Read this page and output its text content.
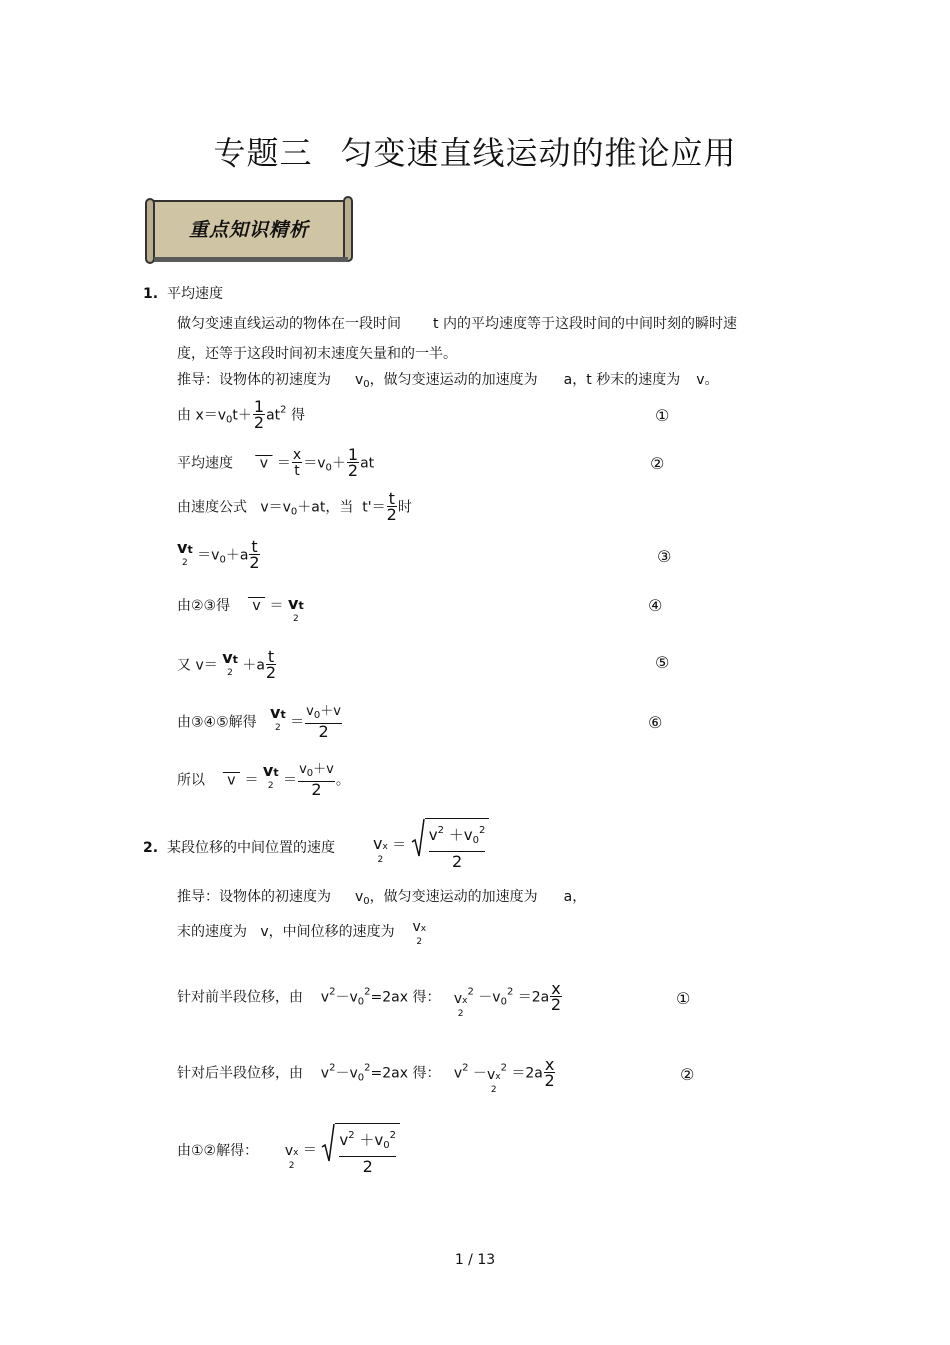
专题三 匀变速直线运动的推论应用
重点知识精析
1. 平均速度
做匀变速直线运动的物体在一段时间 t 内的平均速度等于这段时间的中间时刻的瞬时速
度，还等于这段时间初末速度矢量和的一半。
推导：设物体的初速度为 $v_0$，做匀变速运动的加速度为 a，t 秒末的速度为 v。
由 $x=v_0t+ \frac{1}{2} at^2$ 得	①
平均速度      $v = \frac{x}{t} =v_0+ \frac{1}{2}$ at	②
由速度公式   $v=v_0+at$，当  $t'= \frac{t}{2}$ 时
vt
$2 =v_0+a \frac{t}{2}$	③
由②③得     v  ＝ vt
2
④
又 v＝ vt
$2 +a \frac{t}{2}$	⑤
由③④⑤解得
vt
$2 = \frac{v_0+v}{2}$	⑥
所以     v  ＝
vt
$2 = \frac{v_0+v}{2}$ 。
2. 某段位移的中间位置的速度 vx
2
＝ $\frac{v^2 +v_0^2}{2}$
推导：设物体的初速度为 $v_0$，做匀变速运动的加速度为 a，
末的速度为 v，中间位移的速度为 vx
2
针对前半段位移，由    $v^2-v_0^2=2ax$ 得： vx
2
$^2 -v_0^2 =2a \frac{x}{2}$	①
针对后半段位移，由    $v^2-v_0^2=2ax$ 得：   $v^2$ － vx
2
$^2 =2a \frac{x}{2}$	②
由①②解得： vx
2
＝ $\frac{v^2 +v_0^2}{2}$
1 / 13
